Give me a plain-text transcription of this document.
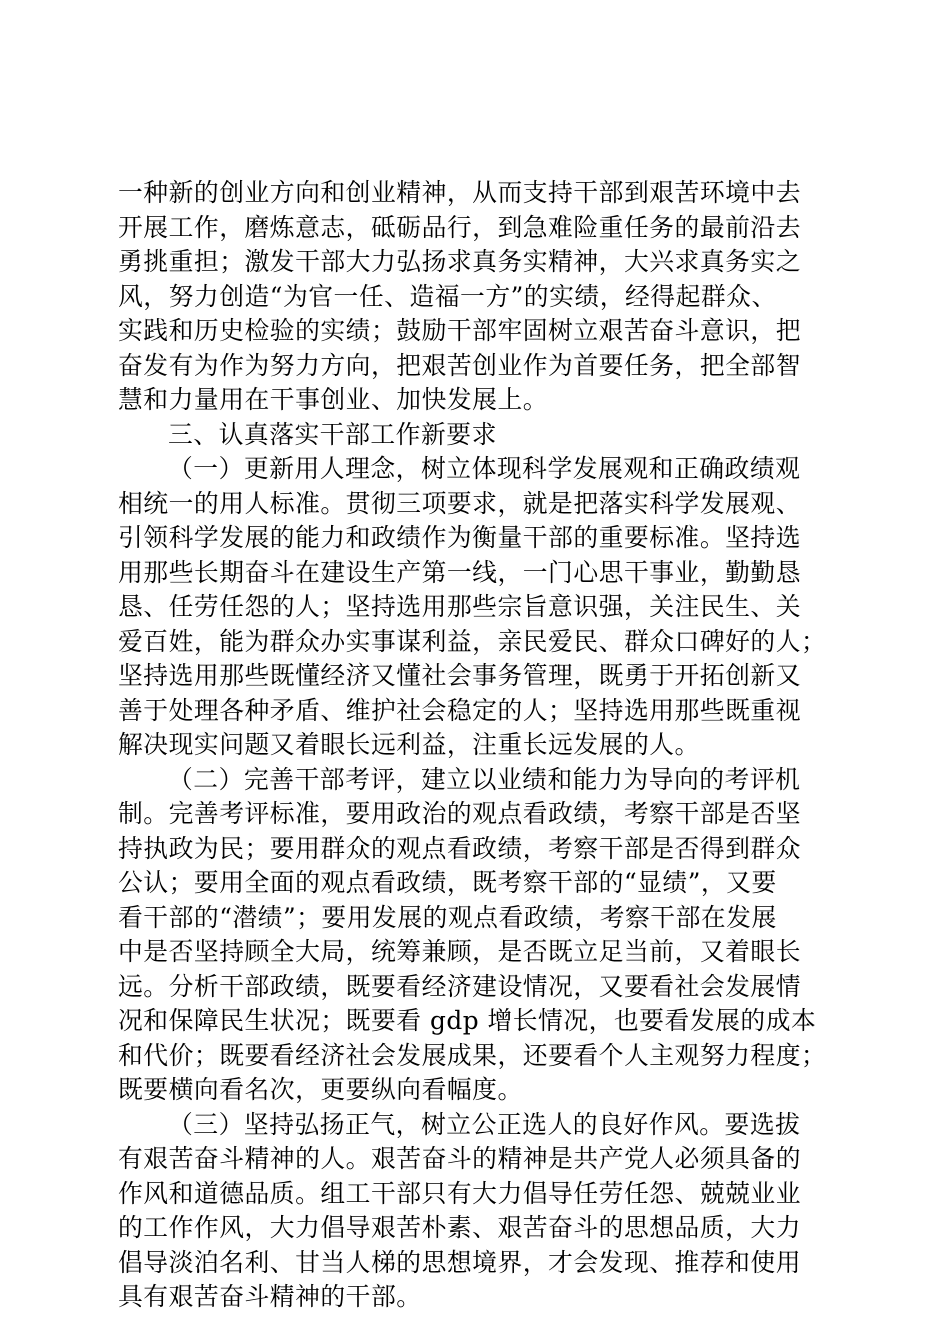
一种新的创业方向和创业精神，从而支持干部到艰苦环境中去
开展工作，磨炼意志，砥砺品行，到急难险重任务的最前沿去
勇挑重担；激发干部大力弘扬求真务实精神，大兴求真务实之
风，努力创造“为官一任、造福一方”的实绩，经得起群众、
实践和历史检验的实绩；鼓励干部牢固树立艰苦奋斗意识，把
奋发有为作为努力方向，把艰苦创业作为首要任务，把全部智
慧和力量用在干事创业、加快发展上。
三、认真落实干部工作新要求
（一）更新用人理念，树立体现科学发展观和正确政绩观
相统一的用人标准。贯彻三项要求，就是把落实科学发展观、
引领科学发展的能力和政绩作为衡量干部的重要标准。坚持选
用那些长期奋斗在建设生产第一线，一门心思干事业，勤勤恳
恳、任劳任怨的人；坚持选用那些宗旨意识强，关注民生、关
爱百姓，能为群众办实事谋利益，亲民爱民、群众口碑好的人；
坚持选用那些既懂经济又懂社会事务管理，既勇于开拓创新又
善于处理各种矛盾、维护社会稳定的人；坚持选用那些既重视
解决现实问题又着眼长远利益，注重长远发展的人。
（二）完善干部考评，建立以业绩和能力为导向的考评机
制。完善考评标准，要用政治的观点看政绩，考察干部是否坚
持执政为民；要用群众的观点看政绩，考察干部是否得到群众
公认；要用全面的观点看政绩，既考察干部的“显绩”，又要
看干部的“潜绩”；要用发展的观点看政绩，考察干部在发展
中是否坚持顾全大局，统筹兼顾，是否既立足当前，又着眼长
远。分析干部政绩，既要看经济建设情况，又要看社会发展情
况和保障民生状况；既要看 gdp 增长情况，也要看发展的成本
和代价；既要看经济社会发展成果，还要看个人主观努力程度；
既要横向看名次，更要纵向看幅度。
（三）坚持弘扬正气，树立公正选人的良好作风。要选拔
有艰苦奋斗精神的人。艰苦奋斗的精神是共产党人必须具备的
作风和道德品质。组工干部只有大力倡导任劳任怨、兢兢业业
的工作作风，大力倡导艰苦朴素、艰苦奋斗的思想品质，大力
倡导淡泊名利、甘当人梯的思想境界，才会发现、推荐和使用
具有艰苦奋斗精神的干部。
